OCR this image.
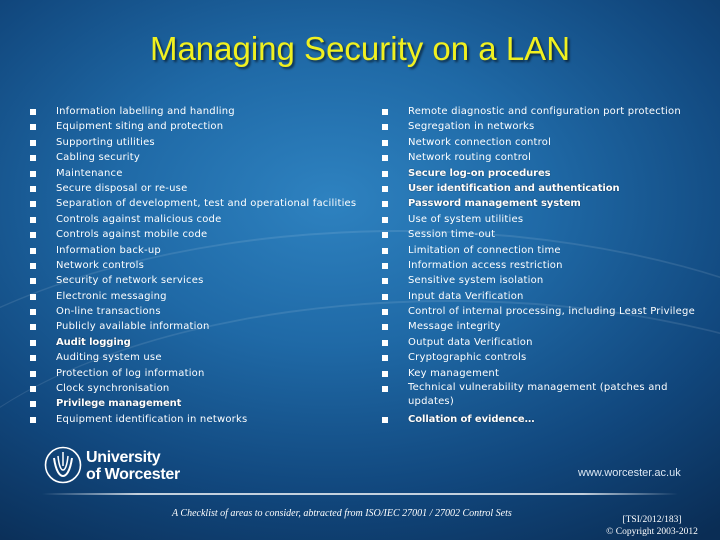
Managing Security on a LAN
Information labelling and handling
Equipment siting and protection
Supporting utilities
Cabling security
Maintenance
Secure disposal or re-use
Separation of development, test and operational facilities
Controls against malicious code
Controls against mobile code
Information back-up
Network controls
Security of network services
Electronic messaging
On-line transactions
Publicly available information
Audit logging
Auditing system use
Protection of log information
Clock synchronisation
Privilege management
Equipment identification in networks
Remote diagnostic and configuration port protection
Segregation in networks
Network connection control
Network routing control
Secure log-on procedures
User identification and authentication
Password management system
Use of system utilities
Session time-out
Limitation of connection time
Information access restriction
Sensitive system isolation
Input data Verification
Control of internal processing, including Least Privilege
Message integrity
Output data Verification
Cryptographic controls
Key management
Technical vulnerability management (patches and updates)
Collation of evidence…
University
of Worcester	www.worcester.ac.uk
A Checklist of areas to consider, abtracted from ISO/IEC 27001 / 27002 Control Sets
[TSI/2012/183]
© Copyright 2003-2012
